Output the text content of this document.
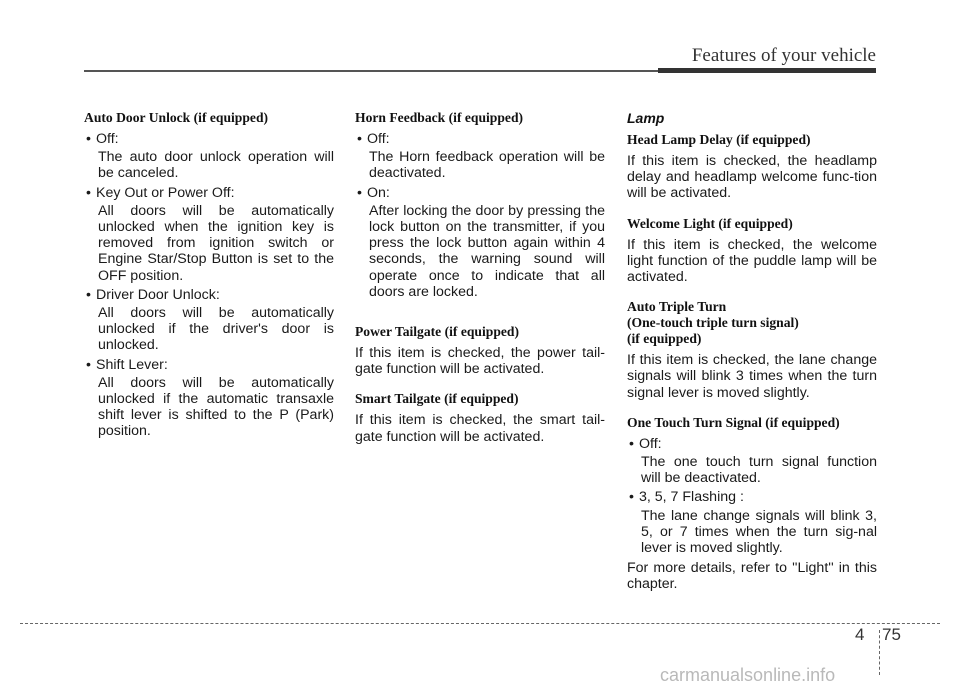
Features of your vehicle
Auto Door Unlock (if equipped)
• Off:
The auto door unlock operation will be canceled.
• Key Out or Power Off:
All doors will be automatically unlocked when the ignition key is removed from ignition switch or Engine Star/Stop Button is set to the OFF position.
• Driver Door Unlock:
All doors will be automatically unlocked if the driver's door is unlocked.
• Shift Lever:
All doors will be automatically unlocked if the automatic transaxle shift lever is shifted to the P (Park) position.
Horn Feedback (if equipped)
• Off:
The Horn feedback operation will be deactivated.
• On:
After locking the door by pressing the lock button on the transmitter, if you press the lock button again within 4 seconds, the warning sound will operate once to indicate that all doors are locked.
Power Tailgate (if equipped)

If this item is checked, the power tail-gate function will be activated.

Smart Tailgate (if equipped)

If this item is checked, the smart tail-gate function will be activated.

Lamp
Head Lamp Delay (if equipped)

If this item is checked, the headlamp delay and headlamp welcome func-tion will be activated.

Welcome Light (if equipped)

If this item is checked, the welcome light function of the puddle lamp will be activated.

Auto Triple Turn
(One-touch triple turn signal)
(if equipped)

If this item is checked, the lane change signals will blink 3 times when the turn signal lever is moved slightly.

One Touch Turn Signal (if equipped)
• Off:
The one touch turn signal function will be deactivated.
• 3, 5, 7 Flashing :
The lane change signals will blink 3, 5, or 7 times when the turn sig-nal lever is moved slightly.

For more details, refer to ''Light'' in this chapter.

4 75
carmanualsonline.info
